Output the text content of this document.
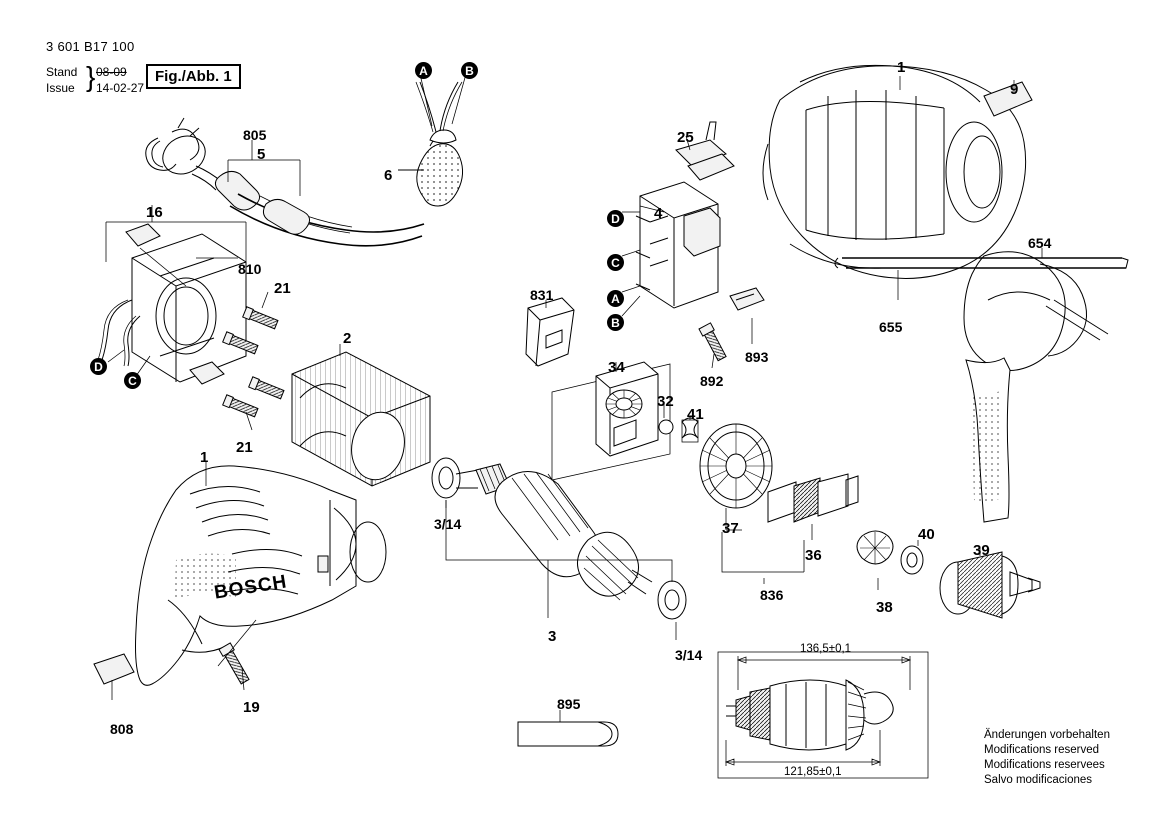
3 601 B17 100
Stand
Issue
08-09
14-02-27
}	Fig./Abb. 1
BOSCH
136,5±0,1
121,85±0,1
Änderungen vorbehalten
Modifications reserved
Modifications reservees
Salvo modificaciones
1
9
654
655
25
4
893
892
831
34
32
41
37
36
836
40
38
39
805
5
6
16
810
21
21
2
1
808
19
3/14
3
3/14
895
A	B
D
C
D
C
A
B
